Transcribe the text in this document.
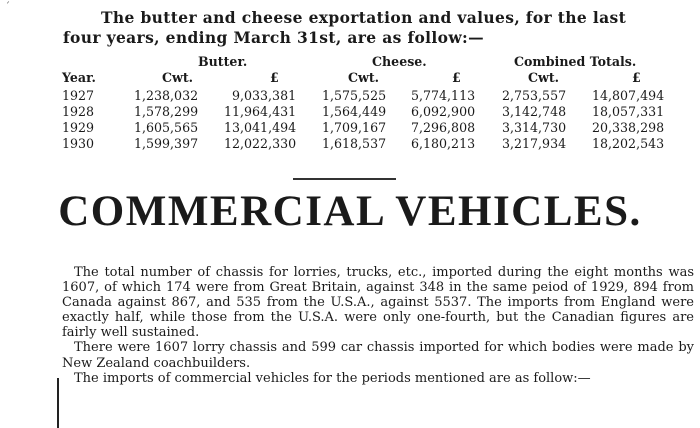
ˊ
The butter and cheese exportation and values, for the last
four years, ending March 31st, are as follow:—
Butter.	Cheese.	Combined Totals.
Year.	Cwt.	£	Cwt.	£	Cwt.	£
1927	1,238,032	9,033,381 1,575,525 5,774,113 2,753,557 14,807,494
1928	1,578,299 11,964,431 1,564,449 6,092,900 3,142,748 18,057,331
1929	1,605,565 13,041,494 1,709,167 7,296,808 3,314,730 20,338,298
1930	1,599,397 12,022,330 1,618,537 6,180,213 3,217,934 18,202,543
COMMERCIAL VEHICLES.

The total number of chassis for lorries, trucks, etc., imported during the eight months was 1607, of which 174 were from Great Britain, against 348 in the same peiod of 1929, 894 from Canada against 867, and 535 from the U.S.A., against 5537. The imports from England were exactly half, while those from the U.S.A. were only one-fourth, but the Canadian figures are fairly well sustained.

There were 1607 lorry chassis and 599 car chassis imported for which bodies were made by New Zealand coachbuilders.

The imports of commercial vehicles for the periods mentioned are as follow:—
